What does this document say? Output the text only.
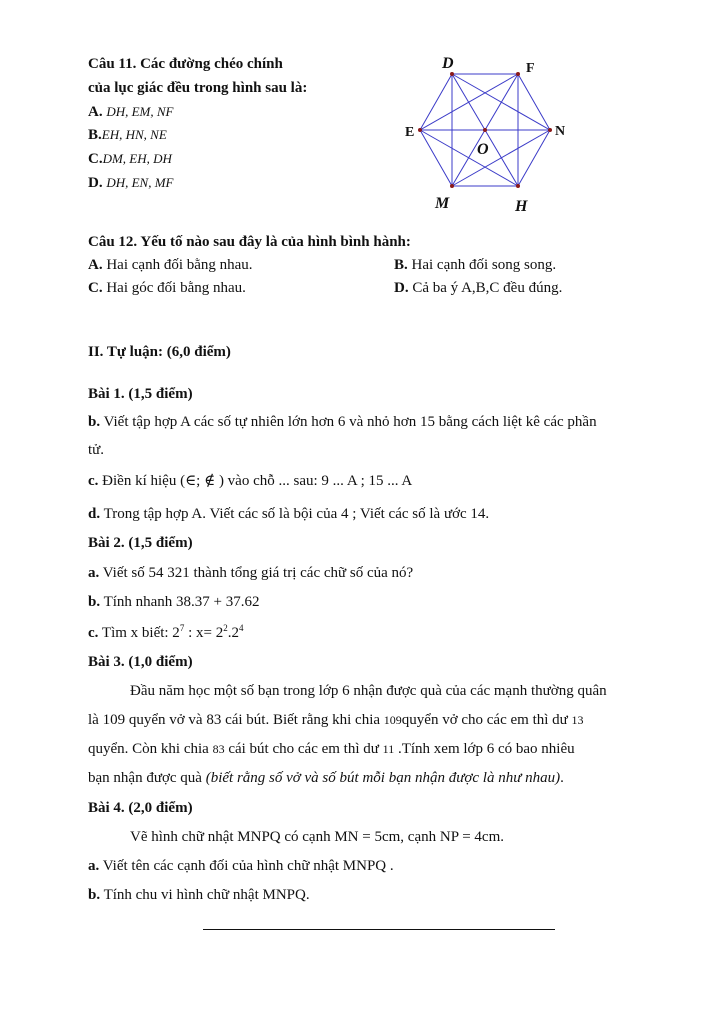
Câu 11. Các đường chéo chính
của lục giác đều trong hình sau là:
A. DH, EM, NF
B.EH, HN, NE
C.DM, EH, DH
D. DH, EN, MF
D	F
E	N
O
M	H
Câu 12. Yếu tố nào sau đây là của hình bình hành:
A. Hai cạnh đối bằng nhau.	B. Hai cạnh đối song song.
C. Hai góc đối bằng nhau.	D. Cả ba ý A,B,C đều đúng.
II. Tự luận: (6,0 điểm)
Bài 1. (1,5 điểm)
b. Viết tập hợp A các số tự nhiên lớn hơn 6 và nhỏ hơn 15 bằng cách liệt kê các phần
tử.
c. Điền kí hiệu (∈; ∉ ) vào chỗ ... sau: 9 ... A ; 15 ... A
d. Trong tập hợp A. Viết các số là bội của 4 ; Viết các số là ước 14.
Bài 2. (1,5 điểm)
a. Viết số 54 321 thành tổng giá trị các chữ số của nó?
b. Tính nhanh 38.37 + 37.62
c. Tìm x biết: $2^7$ : $x= 2^2.2^4$
Bài 3. (1,0 điểm)
Đầu năm học một số bạn trong lớp 6 nhận được quà của các mạnh thường quân
là 109 quyển vở và 83 cái bút. Biết rằng khi chia 109quyển vở cho các em thì dư 13
quyển. Còn khi chia 83 cái bút cho các em thì dư 11 .Tính xem lớp 6 có bao nhiêu
bạn nhận được quà (biết rằng số vở và số bút mỗi bạn nhận được là như nhau).
Bài 4. (2,0 điểm)
Vẽ hình chữ nhật MNPQ có cạnh MN = 5cm, cạnh NP = 4cm.
a. Viết tên các cạnh đối của hình chữ nhật MNPQ .
b. Tính chu vi hình chữ nhật MNPQ.
